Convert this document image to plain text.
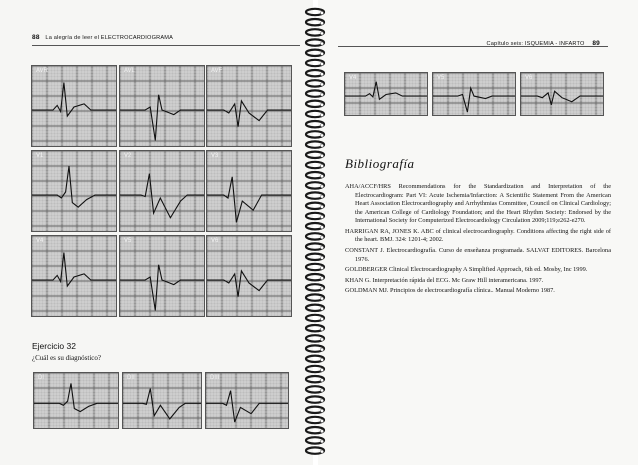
88 La alegría de leer el ELECTROCARDIOGRAMA
AVR	AVL	AVF
V1	V2	V3
V4	V5	V6
Ejercicio 32
¿Cuál es su diagnóstico?
DI	DII	DIII
Capítulo seis: ISQUEMIA - INFARTO 89
V4	V5	V6
Bibliografía

AHA/ACCF/HRS Recommendations for the Standardization and Interpretation of the Electrocardiogram: Part VI: Acute Ischemia/Infarction: A Scientific Statement From the American Heart Association Electrocardiography and Arrhythmias Committee, Council on Clinical Cardiology; the American College of Cardiology Foundation; and the Heart Rhythm Society: Endorsed by the International Society for Computerized Electrocardiology Circulation 2009;119;e262-e270.

HARRIGAN RA, JONES K. ABC of clinical electrocardiography. Conditions affecting the right side of the heart. BMJ. 324: 1201-4; 2002.

CONSTANT J. Electrocardiografía. Curso de enseñanza programada. SALVAT EDITORES. Barcelona 1976.

GOLDBERGER Clinical Electrocardiography A Simplified Approach, 6th ed. Mosby, Inc 1999.

KHAN G. Interpretación rápida del ECG. Mc Graw Hill interamericana. 1997.

GOLDMAN MJ. Principios de electrocardiografía clínica.. Manual Moderno 1987.
